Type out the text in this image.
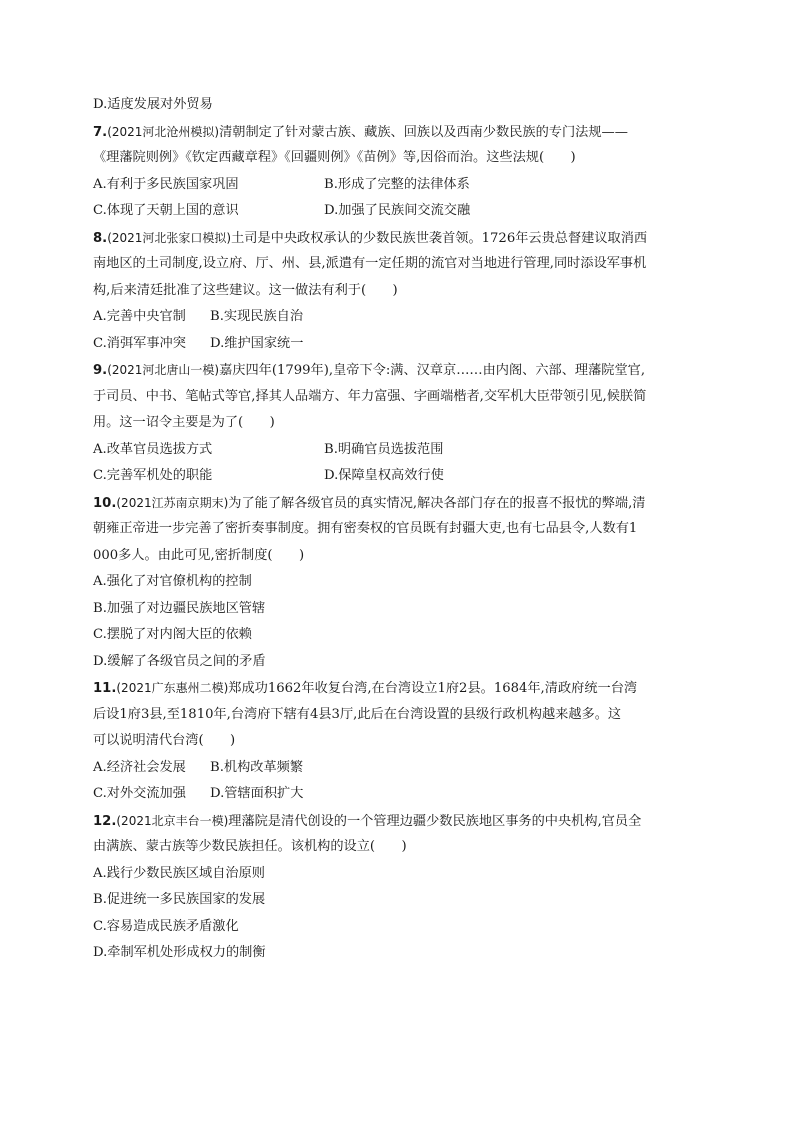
D.适度发展对外贸易
7.(2021河北沧州模拟)清朝制定了针对蒙古族、藏族、回族以及西南少数民族的专门法规——
《理藩院则例》《钦定西藏章程》《回疆则例》《苗例》等,因俗而治。这些法规(　　)
A.有利于多民族国家巩固	B.形成了完整的法律体系
C.体现了天朝上国的意识	D.加强了民族间交流交融
8.(2021河北张家口模拟)土司是中央政权承认的少数民族世袭首领。1726年云贵总督建议取消西
南地区的土司制度,设立府、厅、州、县,派遣有一定任期的流官对当地进行管理,同时添设军事机
构,后来清廷批准了这些建议。这一做法有利于(　　)
A.完善中央官制	B.实现民族自治
C.消弭军事冲突	D.维护国家统一
9.(2021河北唐山一模)嘉庆四年(1799年),皇帝下令:满、汉章京……由内阁、六部、理藩院堂官,
于司员、中书、笔帖式等官,择其人品端方、年力富强、字画端楷者,交军机大臣带领引见,候朕简
用。这一诏令主要是为了(　　)
A.改革官员选拔方式	B.明确官员选拔范围
C.完善军机处的职能	D.保障皇权高效行使
10.(2021江苏南京期末)为了能了解各级官员的真实情况,解决各部门存在的报喜不报忧的弊端,清
朝雍正帝进一步完善了密折奏事制度。拥有密奏权的官员既有封疆大吏,也有七品县令,人数有1
000多人。由此可见,密折制度(　　)
A.强化了对官僚机构的控制
B.加强了对边疆民族地区管辖
C.摆脱了对内阁大臣的依赖
D.缓解了各级官员之间的矛盾
11.(2021广东惠州二模)郑成功1662年收复台湾,在台湾设立1府2县。1684年,清政府统一台湾
后设1府3县,至1810年,台湾府下辖有4县3厅,此后在台湾设置的县级行政机构越来越多。这
可以说明清代台湾(　　)
A.经济社会发展	B.机构改革频繁
C.对外交流加强	D.管辖面积扩大
12.(2021北京丰台一模)理藩院是清代创设的一个管理边疆少数民族地区事务的中央机构,官员全
由满族、蒙古族等少数民族担任。该机构的设立(　　)
A.践行少数民族区域自治原则
B.促进统一多民族国家的发展
C.容易造成民族矛盾激化
D.牵制军机处形成权力的制衡
